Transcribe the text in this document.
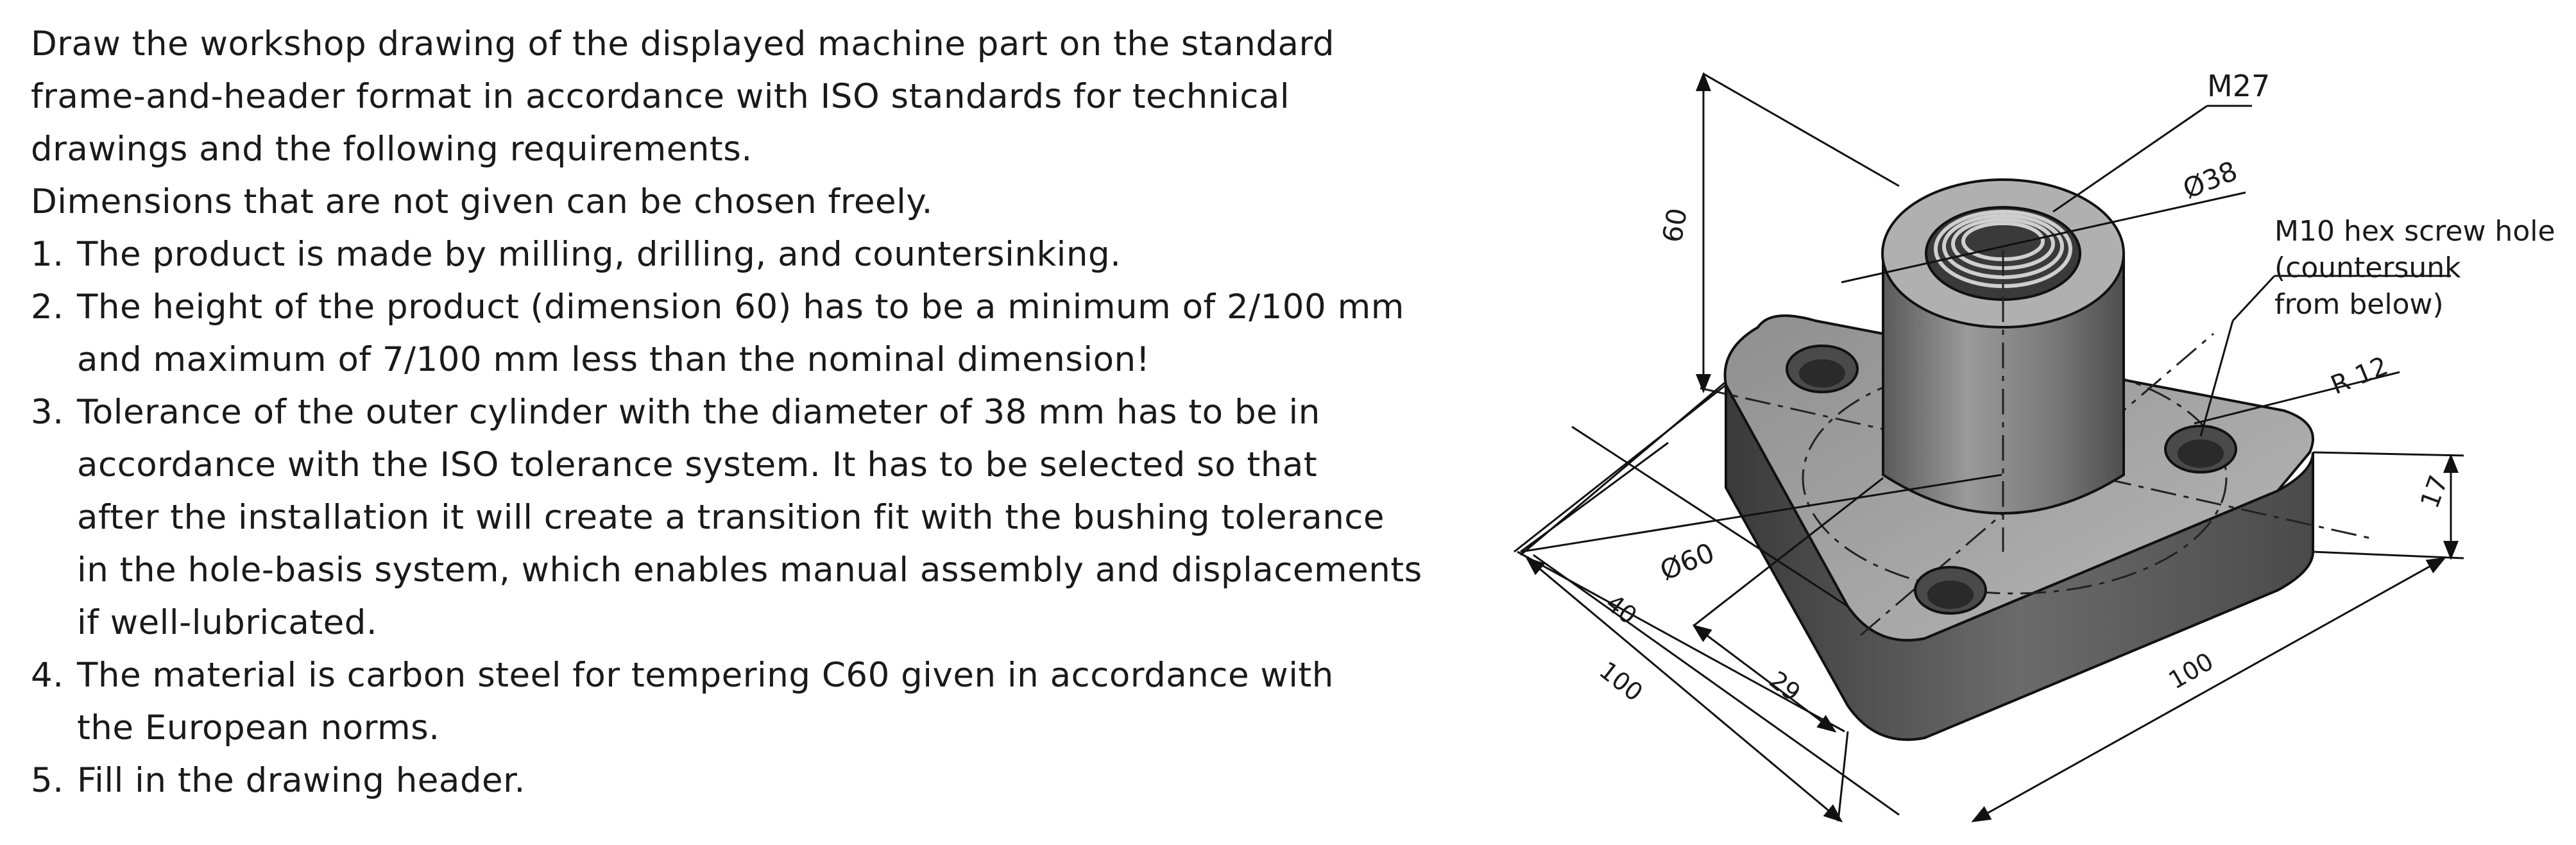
Draw the workshop drawing of the displayed machine part on the standard

frame-and-header format in accordance with ISO standards for technical

drawings and the following requirements.

Dimensions that are not given can be chosen freely.

1. The product is made by milling, drilling, and countersinking.

2. The height of the product (dimension 60) has to be a minimum of 2/100 mm

and maximum of 7/100 mm less than the nominal dimension!

3. Tolerance of the outer cylinder with the diameter of 38 mm has to be in

accordance with the ISO tolerance system. It has to be selected so that

after the installation it will create a transition fit with the bushing tolerance

in the hole-basis system, which enables manual assembly and displacements

if well-lubricated.

4. The material is carbon steel for tempering C60 given in accordance with

the European norms.

5. Fill in the drawing header.

M27
Ø38
60	M10 hex screw hole
(countersunk
from below)
R 12
17
Ø60
40
100	29	100
